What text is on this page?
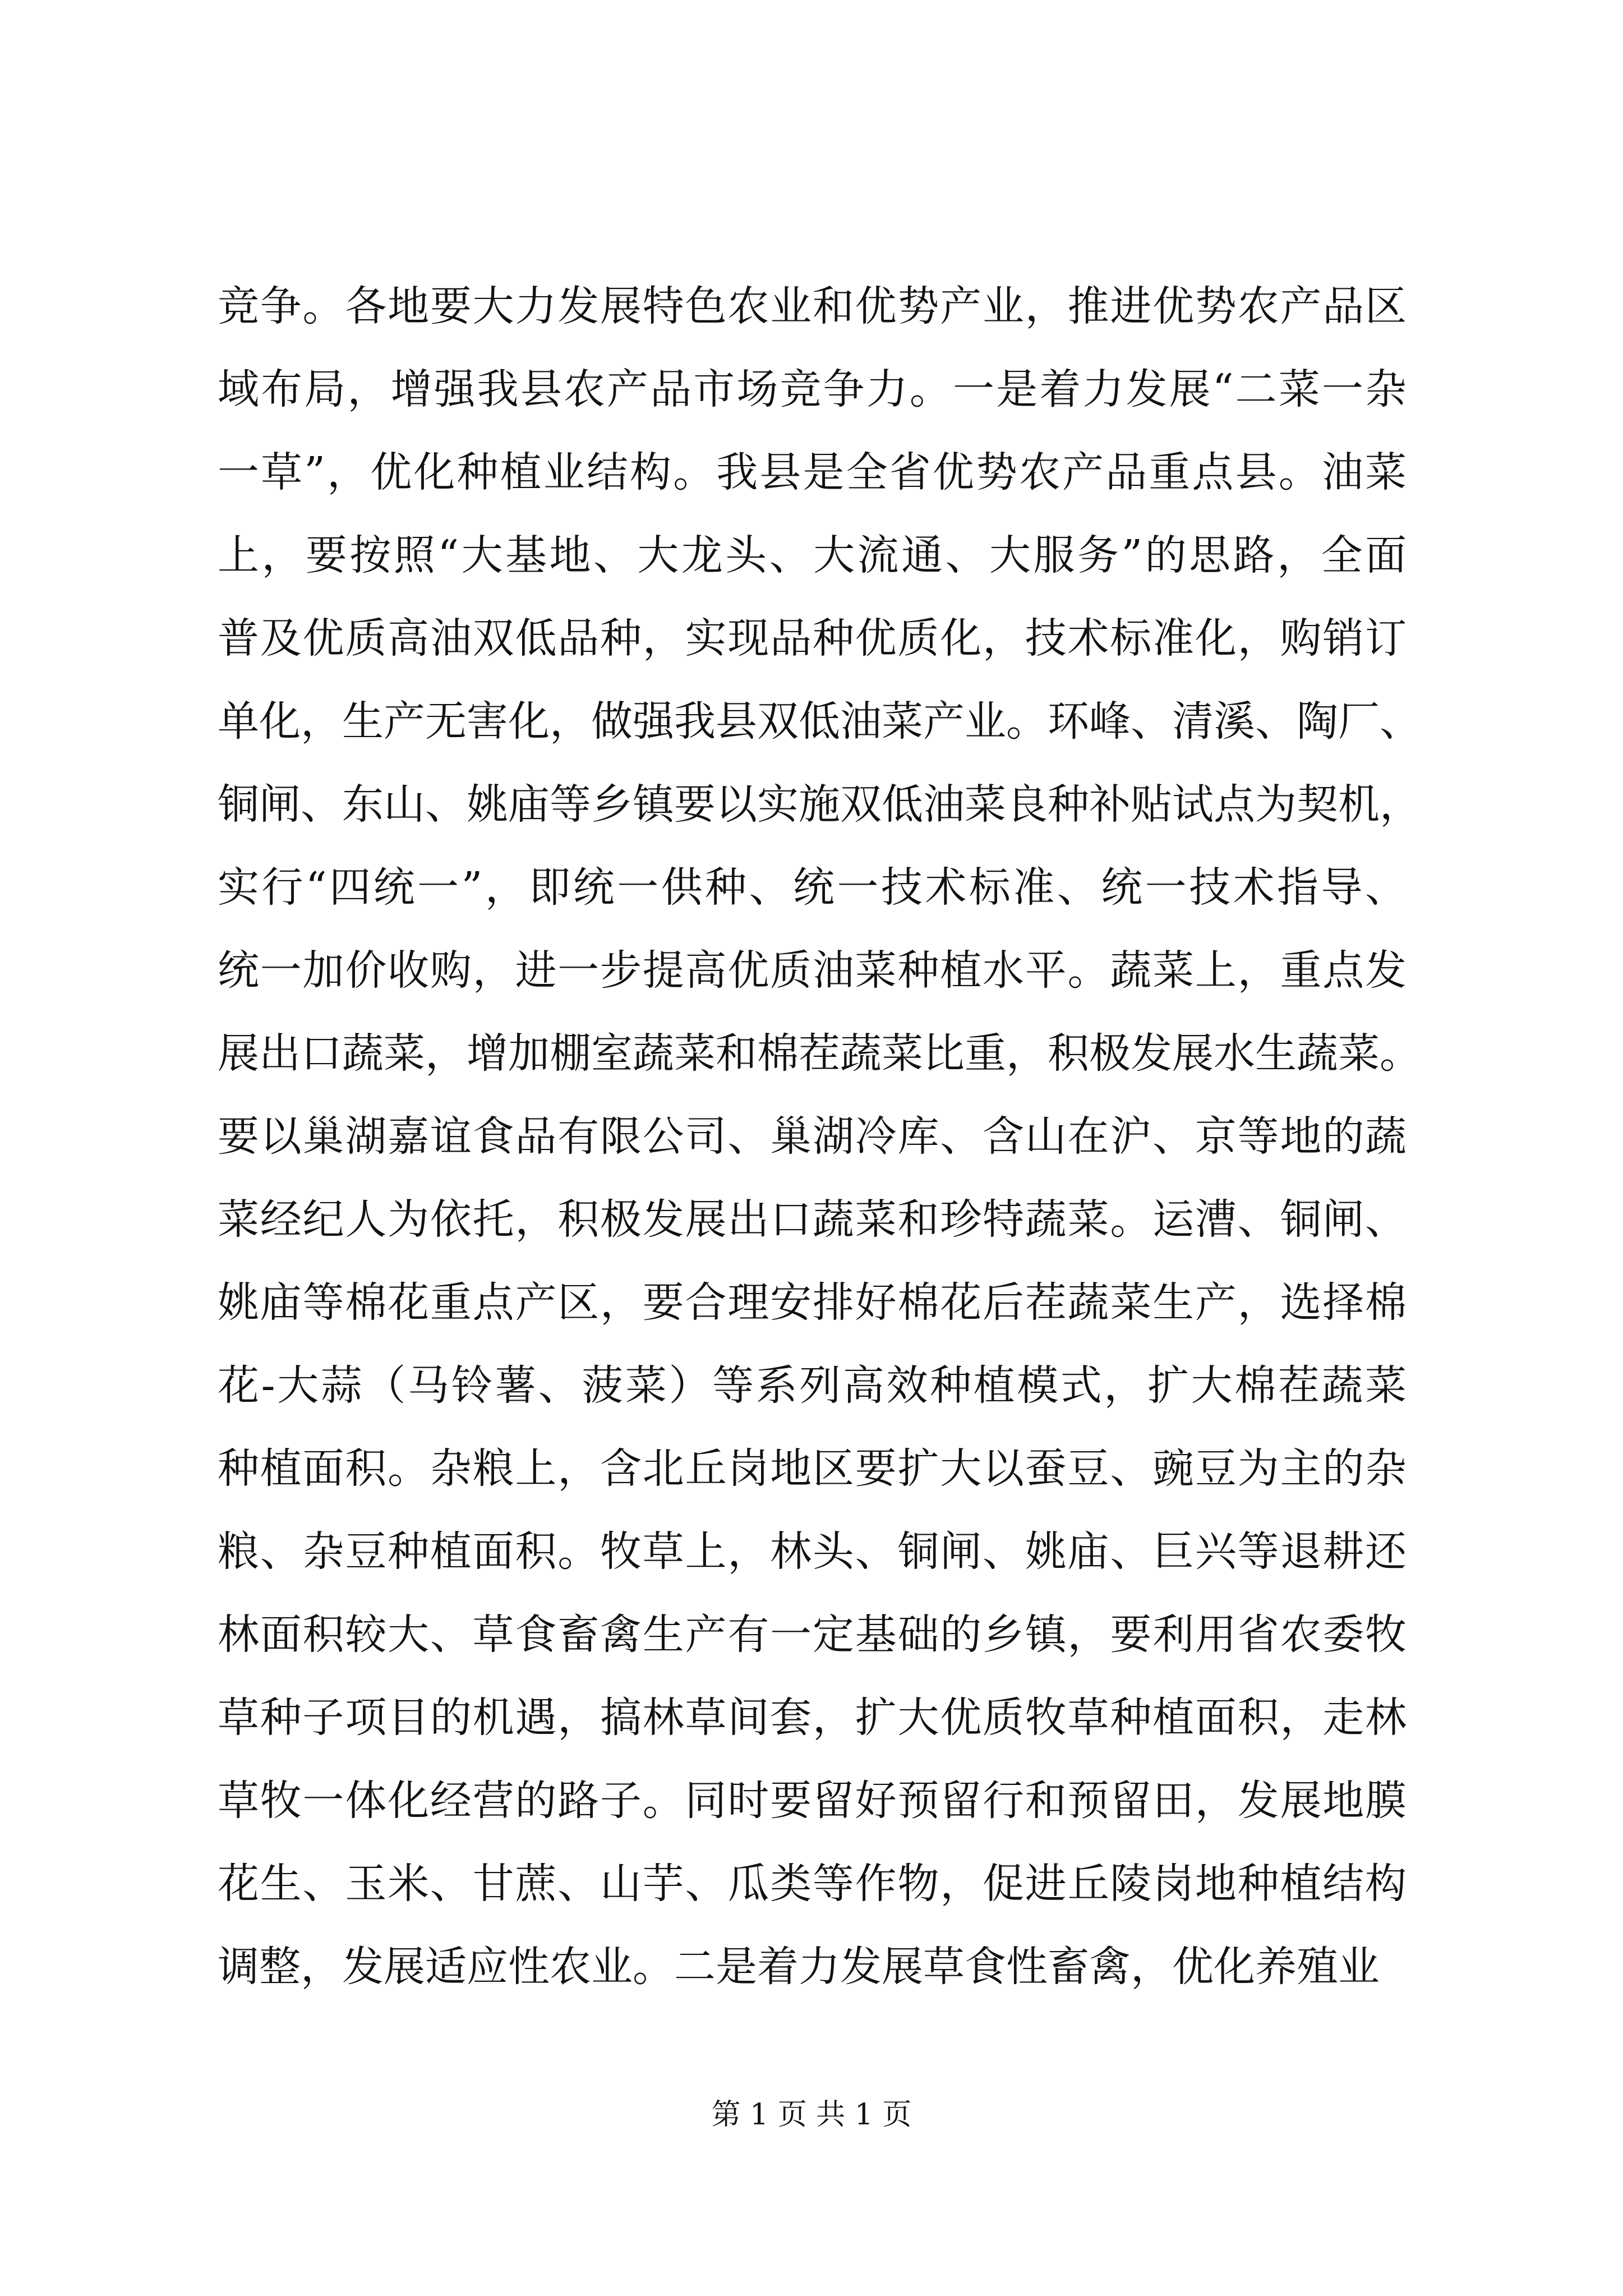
竞争。各地要大力发展特色农业和优势产业，推进优势农产品区
域布局，增强我县农产品市场竞争力。一是着力发展“二菜一杂
一草”，优化种植业结构。我县是全省优势农产品重点县。油菜
上，要按照“大基地、大龙头、大流通、大服务”的思路，全面
普及优质高油双低品种，实现品种优质化，技术标准化，购销订
单化，生产无害化，做强我县双低油菜产业。环峰、清溪、陶厂、
铜闸、东山、姚庙等乡镇要以实施双低油菜良种补贴试点为契机，
实行“四统一”，即统一供种、统一技术标准、统一技术指导、
统一加价收购，进一步提高优质油菜种植水平。蔬菜上，重点发
展出口蔬菜，增加棚室蔬菜和棉茬蔬菜比重，积极发展水生蔬菜。
要以巢湖嘉谊食品有限公司、巢湖冷库、含山在沪、京等地的蔬
菜经纪人为依托，积极发展出口蔬菜和珍特蔬菜。运漕、铜闸、
姚庙等棉花重点产区，要合理安排好棉花后茬蔬菜生产，选择棉
花-大蒜（马铃薯、菠菜）等系列高效种植模式，扩大棉茬蔬菜
种植面积。杂粮上，含北丘岗地区要扩大以蚕豆、豌豆为主的杂
粮、杂豆种植面积。牧草上，林头、铜闸、姚庙、巨兴等退耕还
林面积较大、草食畜禽生产有一定基础的乡镇，要利用省农委牧
草种子项目的机遇，搞林草间套，扩大优质牧草种植面积，走林
草牧一体化经营的路子。同时要留好预留行和预留田，发展地膜
花生、玉米、甘蔗、山芋、瓜类等作物，促进丘陵岗地种植结构
调整，发展适应性农业。二是着力发展草食性畜禽，优化养殖业
第 1 页 共 1 页
